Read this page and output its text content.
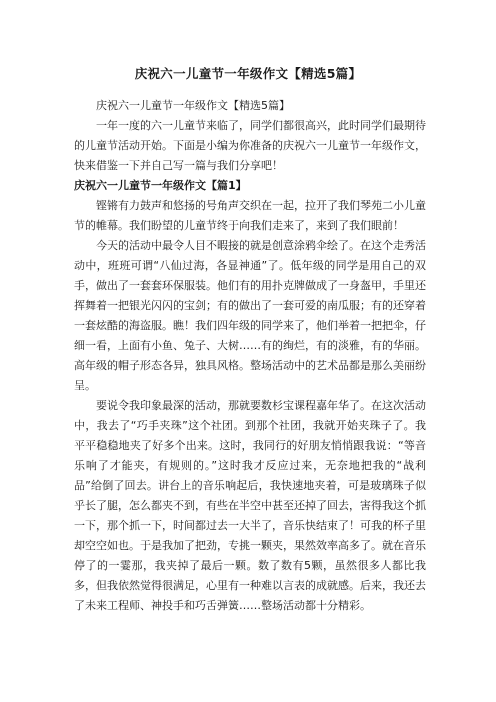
庆祝六一儿童节一年级作文【精选5篇】

庆祝六一儿童节一年级作文【精选5篇】

一年一度的六一儿童节来临了，同学们都很高兴，此时同学们最期待的儿童节活动开始。下面是小编为你准备的庆祝六一儿童节一年级作文，快来借鉴一下并自己写一篇与我们分享吧！

庆祝六一儿童节一年级作文【篇1】

铿锵有力鼓声和悠扬的号角声交织在一起，拉开了我们琴苑二小儿童节的帷幕。我们盼望的儿童节终于向我们走来了，来到了我们眼前！

今天的活动中最令人目不暇接的就是创意涂鸦伞绘了。在这个走秀活动中，班班可谓“八仙过海，各显神通”了。低年级的同学是用自己的双手，做出了一套套环保服装。他们有的用扑克牌做成了一身盔甲，手里还挥舞着一把银光闪闪的宝剑；有的做出了一套可爱的南瓜服；有的还穿着一套炫酷的海盗服。瞧！我们四年级的同学来了，他们举着一把把伞，仔细一看，上面有小鱼、兔子、大树……有的绚烂，有的淡雅，有的华丽。高年级的帽子形态各异，独具风格。整场活动中的艺术品都是那么美丽纷呈。

要说令我印象最深的活动，那就要数杉宝课程嘉年华了。在这次活动中，我去了“巧手夹珠”这个社团。到那个社团，我就开始夹珠子了。我平平稳稳地夹了好多个出来。这时，我同行的好朋友悄悄跟我说：“等音乐响了才能夹，有规则的。”这时我才反应过来，无奈地把我的“战利品”给倒了回去。讲台上的音乐响起后，我快速地夹着，可是玻璃珠子似乎长了腿，怎么都夹不到，有些在半空中甚至还掉了回去，害得我这个抓一下，那个抓一下，时间都过去一大半了，音乐快结束了！可我的杯子里却空空如也。于是我加了把劲，专挑一颗夹，果然效率高多了。就在音乐停了的一霎那，我夹掉了最后一颗。数了数有5颗，虽然很多人都比我多，但我依然觉得很满足，心里有一种难以言表的成就感。后来，我还去了未来工程师、神投手和巧舌弹簧……整场活动都十分精彩。
